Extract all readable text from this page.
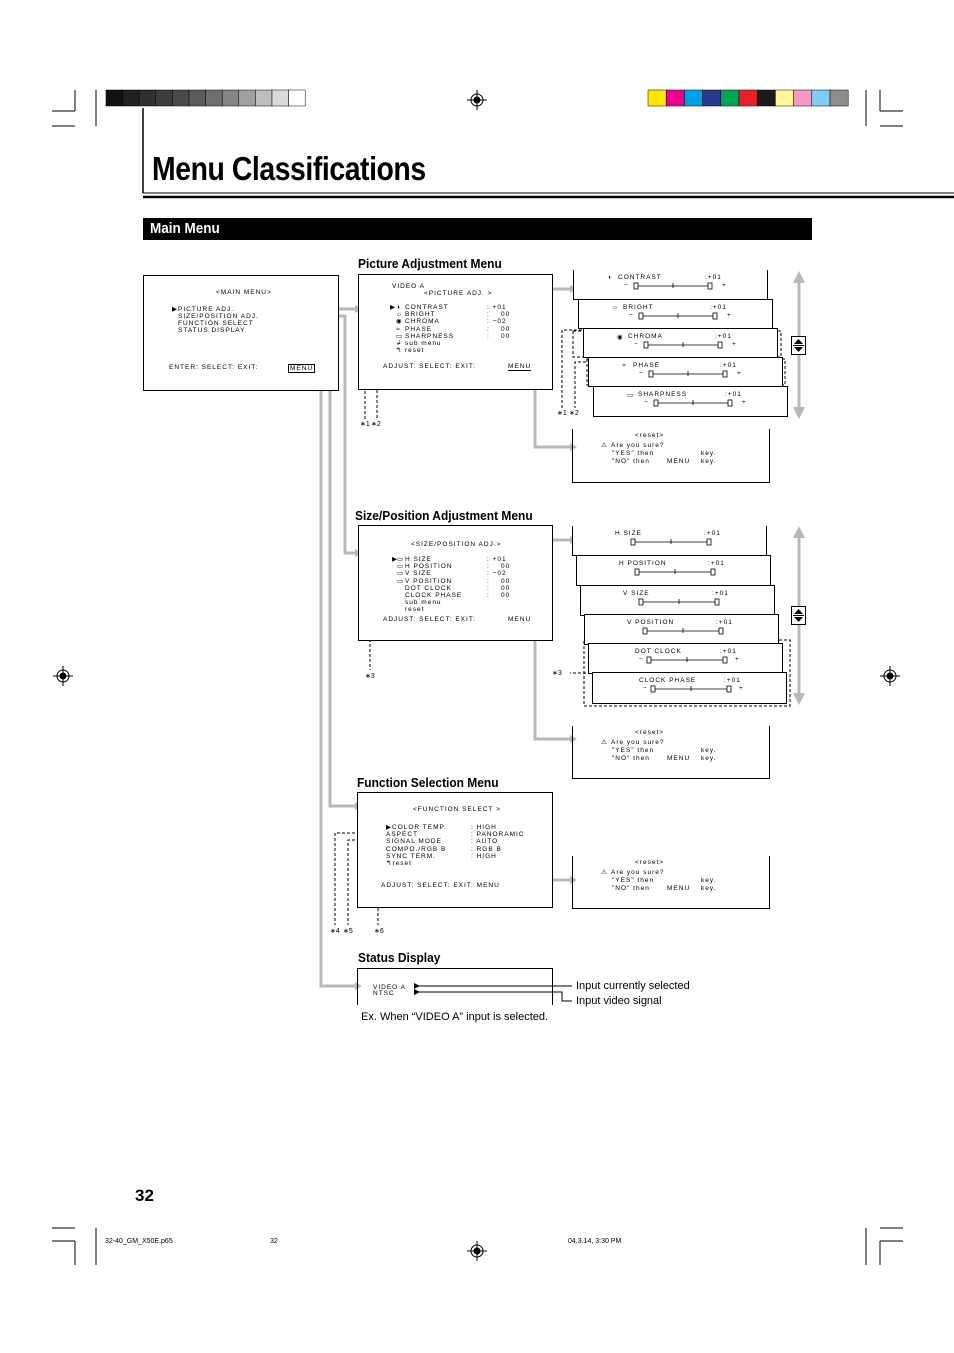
Menu Classifications
Main Menu
<MAIN MENU>
▶PICTURE ADJ.
SIZE/POSITION ADJ.
FUNCTION SELECT
STATUS DISPLAY
ENTER: SELECT: EXIT:	MENU
Picture Adjustment Menu
VIDEO A
<PICTURE ADJ. >
▶ ◑ CONTRAST	: +01
☼ BRIGHT	:    00
◉ CHROMA	: −02
≈ PHASE	:    00
▭ SHARPNESS	:    00
↲ sub menu
↰ reset
ADJUST: SELECT: EXIT:	MENU
∗1 ∗2
◑ CONTRAST	:+01
−	+
☼ BRIGHT	:+01
−	+
◉ CHROMA	:+01
−	+
≈ PHASE	:+01
−	+
▭ SHARPNESS	:+01
−	+
∗1 ∗2
<reset>
⚠ Are you sure?
"YES" then	key.
"NO" then	MENU key.
Size/Position Adjustment Menu
<SIZE/POSITION ADJ.>
▶ ▭ H SIZE	: +01
▭ H POSITION	:    00
▭ V SIZE	: −02
▭ V POSITION	:    00
DOT CLOCK	:    00
CLOCK PHASE	:    00
sub menu
reset
ADJUST: SELECT: EXIT:	MENU
∗3
H SIZE	:+01
H POSITION	:+01
V SIZE	:+01
V POSITION	:+01
DOT CLOCK	:+01
−	+
CLOCK PHASE	:+01
−	+
∗3
<reset>
⚠ Are you sure?
"YES" then	key.
"NO" then	MENU key.
Function Selection Menu
<FUNCTION SELECT >
▶COLOR TEMP.	: HIGH
ASPECT	: PANORAMIC
SIGNAL MODE	: AUTO
COMPO./RGB B	: RGB B
SYNC TERM.	: HIGH
↰reset
ADJUST: SELECT: EXIT: MENU
∗4 ∗5	∗6
<reset>
⚠ Are you sure?
"YES" then	key.
"NO" then	MENU key.
Status Display
VIDEO A
NTSC
Input currently selected
Input video signal
Ex. When “VIDEO A” input is selected.
32
32-40_GM_X50E.p65	32	04.3.14, 3:30 PM
